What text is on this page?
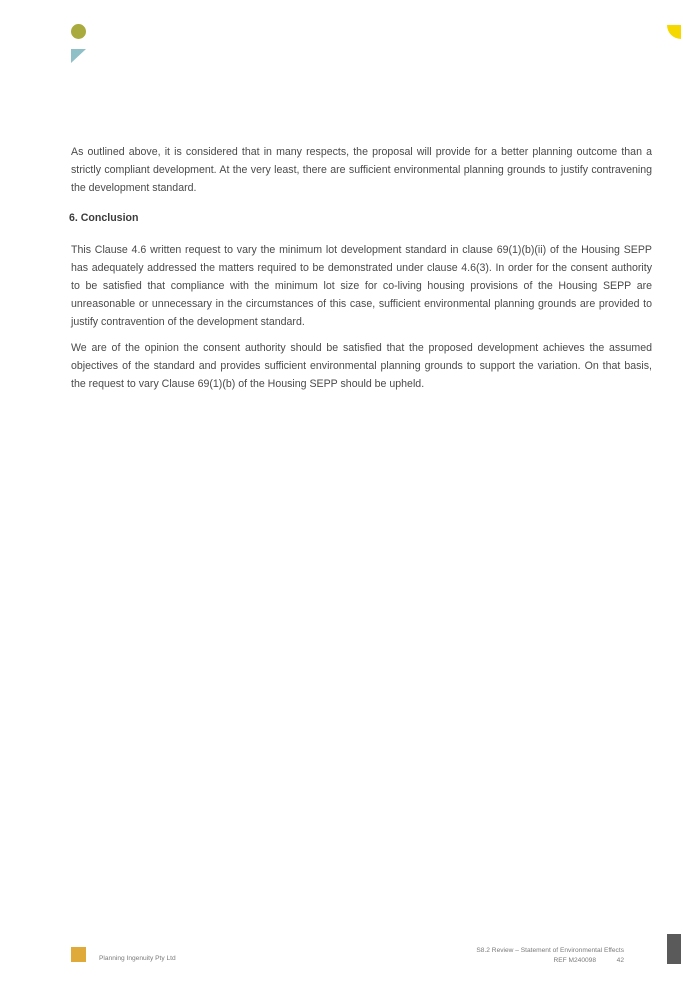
As outlined above, it is considered that in many respects, the proposal will provide for a better planning outcome than a strictly compliant development. At the very least, there are sufficient environmental planning grounds to justify contravening the development standard.

6. Conclusion

This Clause 4.6 written request to vary the minimum lot development standard in clause 69(1)(b)(ii) of the Housing SEPP has adequately addressed the matters required to be demonstrated under clause 4.6(3). In order for the consent authority to be satisfied that compliance with the minimum lot size for co-living housing provisions of the Housing SEPP are unreasonable or unnecessary in the circumstances of this case, sufficient environmental planning grounds are provided to justify contravention of the development standard.

We are of the opinion the consent authority should be satisfied that the proposed development achieves the assumed objectives of the standard and provides sufficient environmental planning grounds to support the variation. On that basis, the request to vary Clause 69(1)(b) of the Housing SEPP should be upheld.

Planning Ingenuity Pty Ltd
S8.2 Review – Statement of Environmental Effects
REF M240098	42
